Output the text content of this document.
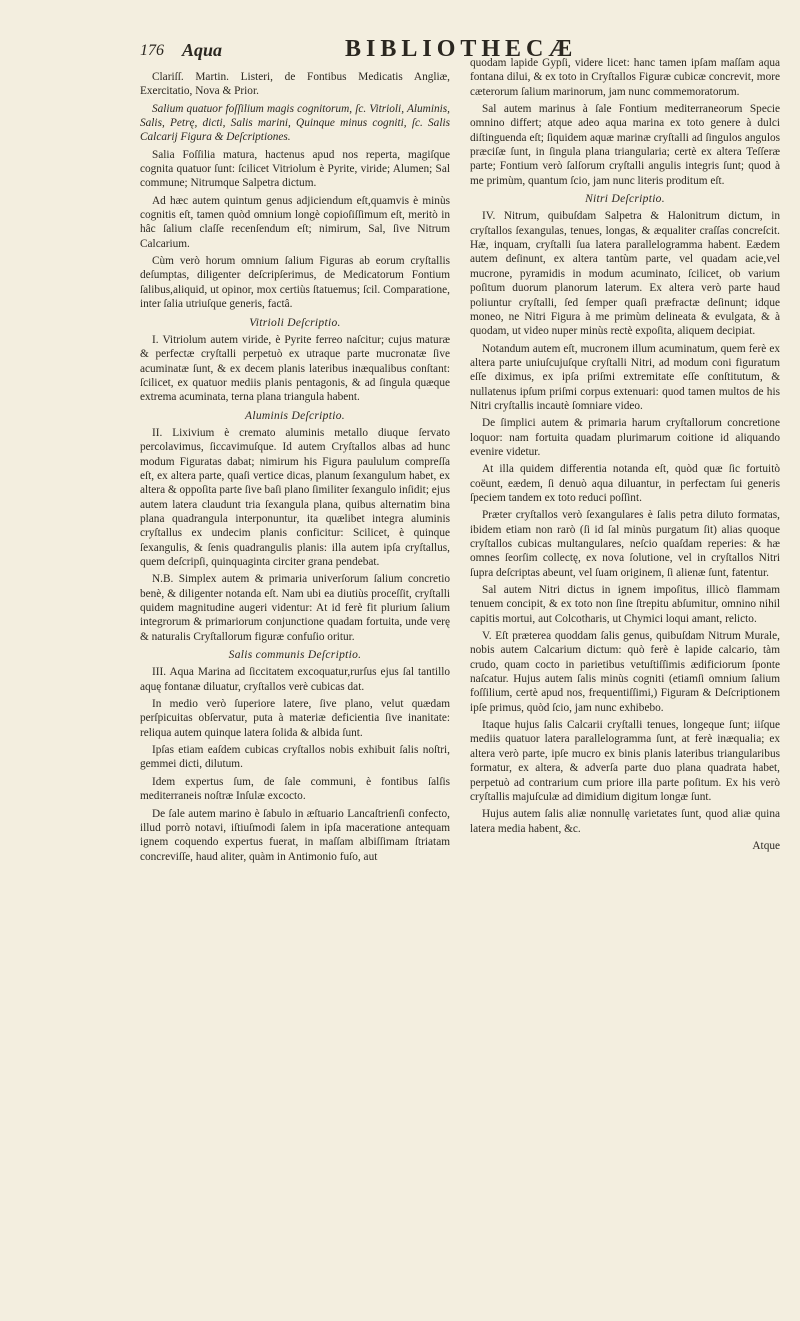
176 Aqua	BIBLIOTHECÆ

Clariſſ. Martin. Listeri, de Fontibus Medicatis Angliæ, Exercitatio, Nova & Prior.

Salium quatuor foſſilium magis cognitorum, ſc. Vitrioli, Aluminis, Salis, Petrę, dicti, Salis marini, Quinque minus cogniti, ſc. Salis Calcarij Figura & Deſcriptiones.

Salia Foſſilia matura, hactenus apud nos reperta, magiſque cognita quatuor ſunt: ſcilicet Vitriolum è Pyrite, viride; Alumen; Sal commune; Nitrumque Salpetra dictum.

Ad hæc autem quintum genus adjiciendum eſt,quamvis è minùs cognitis eſt, tamen quòd omnium longè copioſiſſimum eſt, meritò in hâc ſalium claſſe recenſendum eſt; nimirum, Sal, ſive Nitrum Calcarium.

Cùm verò horum omnium ſalium Figuras ab eorum cryſtallis deſumptas, diligenter deſcripſerimus, de Medicatorum Fontium ſalibus,aliquid, ut opinor, mox certiùs ſtatuemus; ſcil. Comparatione, inter ſalia utriuſque generis, factâ.

Vitrioli Deſcriptio.

I. Vitriolum autem viride, è Pyrite ferreo naſcitur; cujus maturæ & perfectæ cryſtalli perpetuò ex utraque parte mucronatæ ſive acuminatæ ſunt, & ex decem planis lateribus inæqualibus conſtant: ſcilicet, ex quatuor mediis planis pentagonis, & ad ſingula quæque extrema acuminata, terna plana triangula habent.

Aluminis Deſcriptio.

II. Lixivium è cremato aluminis metallo diuque ſervato percolavimus, ſiccavimuſque. Id autem Cryſtallos albas ad hunc modum Figuratas dabat; nimirum his Figura paululum compreſſa eſt, ex altera parte, quaſi vertice dicas, planum ſexangulum habet, ex altera & oppoſita parte ſive baſi plano ſimiliter ſexangulo inſidit; ejus autem latera claudunt tria ſexangula plana, quibus alternatim bina plana quadrangula interponuntur, ita quælibet integra aluminis cryſtallus ex undecim planis conficitur: Scilicet, è quinque ſexangulis, & ſenis quadrangulis planis: illa autem ipſa cryſtallus, quem deſcripſi, quinquaginta circiter grana pendebat.

N.B. Simplex autem & primaria univerſorum ſalium concretio benè, & diligenter notanda eſt. Nam ubi ea diutiùs proceſſit, cryſtalli quidem magnitudine augeri videntur: At id ferè fit plurium ſalium integrorum & primariorum conjunctione quadam fortuita, unde verę & naturalis Cryſtallorum figuræ confuſio oritur.

Salis communis Deſcriptio.

III. Aqua Marina ad ſiccitatem excoquatur,rurſus ejus ſal tantillo aquę fontanæ diluatur, cryſtallos verè cubicas dat.

In medio verò ſuperiore latere, ſive plano, velut quædam perſpicuitas obſervatur, puta à materiæ deficientia ſive inanitate: reliqua autem quinque latera ſolida & albida ſunt.

Ipſas etiam eaſdem cubicas cryſtallos nobis exhibuit ſalis noſtri, gemmei dicti, dilutum.

Idem expertus ſum, de ſale communi, è fontibus ſalſis mediterraneis noſtræ Inſulæ excocto.

De ſale autem marino è ſabulo in æſtuario Lancaſtrienſi confecto, illud porrò notavi, iſtiuſmodi ſalem in ipſa maceratione antequam ignem coquendo expertus fuerat, in maſſam albiſſimam ſtriatam concreviſſe, haud aliter, quàm in Antimonio fuſo, aut

quodam lapide Gypſi, videre licet: hanc tamen ipſam maſſam aqua fontana dilui, & ex toto in Cryſtallos Figuræ cubicæ concrevit, more cæterorum ſalium marinorum, jam nunc commemoratorum.

Sal autem marinus à ſale Fontium mediterraneorum Specie omnino differt; atque adeo aqua marina ex toto genere à dulci diſtinguenda eſt; ſiquidem aquæ marinæ cryſtalli ad ſingulos angulos præciſæ ſunt, in ſingula plana triangularia; certè ex altera Teſſeræ parte; Fontium verò ſalſorum cryſtalli angulis integris ſunt; quod à me primùm, quantum ſcio, jam nunc literis proditum eſt.

Nitri Deſcriptio.

IV. Nitrum, quibuſdam Salpetra & Halonitrum dictum, in cryſtallos ſexangulas, tenues, longas, & æqualiter craſſas concreſcit. Hæ, inquam, cryſtalli ſua latera parallelogramma habent. Eædem autem deſinunt, ex altera tantùm parte, vel quadam acie,vel mucrone, pyramidis in modum acuminato, ſcilicet, ob varium poſitum duorum planorum laterum. Ex altera verò parte haud poliuntur cryſtalli, ſed ſemper quaſi præfractæ deſinunt; idque moneo, ne Nitri Figura à me primùm delineata & evulgata, & à quodam, ut video nuper minùs rectè expoſita, aliquem decipiat.

Notandum autem eſt, mucronem illum acuminatum, quem ferè ex altera parte uniuſcujuſque cryſtalli Nitri, ad modum coni figuratum eſſe diximus, ex ipſa priſmi extremitate eſſe conſtitutum, & nullatenus ipſum priſmi corpus extenuari: quod tamen multos de his Nitri cryſtallis incautè ſomniare video.

De ſimplici autem & primaria harum cryſtallorum concretione loquor: nam fortuita quadam plurimarum coitione id aliquando evenire videtur.

At illa quidem differentia notanda eſt, quòd quæ ſic fortuitò coëunt, eædem, ſi denuò aqua diluantur, in perfectam ſui generis ſpeciem tandem ex toto reduci poſſint.

Præter cryſtallos verò ſexangulares è ſalis petra diluto formatas, ibidem etiam non rarò (ſi id ſal minùs purgatum ſit) alias quoque cryſtallos cubicas multangulares, neſcio quaſdam reperies: & hæ omnes ſeorſim collectę, ex nova ſolutione, vel in cryſtallos Nitri ſupra deſcriptas abeunt, vel ſuam originem, ſi alienæ ſunt, fatentur.

Sal autem Nitri dictus in ignem impoſitus, illicò flammam tenuem concipit, & ex toto non ſine ſtrepitu abſumitur, omnino nihil capitis mortui, aut Colcotharis, ut Chymici loqui amant, relicto.

V. Eſt præterea quoddam ſalis genus, quibuſdam Nitrum Murale, nobis autem Calcarium dictum: quò ferè è lapide calcario, tàm crudo, quam cocto in parietibus vetuſtiſſimis ædificiorum ſponte naſcatur. Hujus autem ſalis minùs cogniti (etiamſi omnium ſalium foſſilium, certè apud nos, frequentiſſimi,) Figuram & Deſcriptionem ipſe primus, quòd ſcio, jam nunc exhibebo.

Itaque hujus ſalis Calcarii cryſtalli tenues, longeque ſunt; iiſque mediis quatuor latera parallelogramma ſunt, at ferè inæqualia; ex altera verò parte, ipſe mucro ex binis planis lateribus triangularibus formatur, ex altera, & adverſa parte duo plana quadrata habet, perpetuò ad contrarium cum priore illa parte poſitum. Ex his verò cryſtallis majuſculæ ad dimidium digitum longæ ſunt.

Hujus autem ſalis aliæ nonnullę varietates ſunt, quod aliæ quina latera media habent, &c.

Atque
